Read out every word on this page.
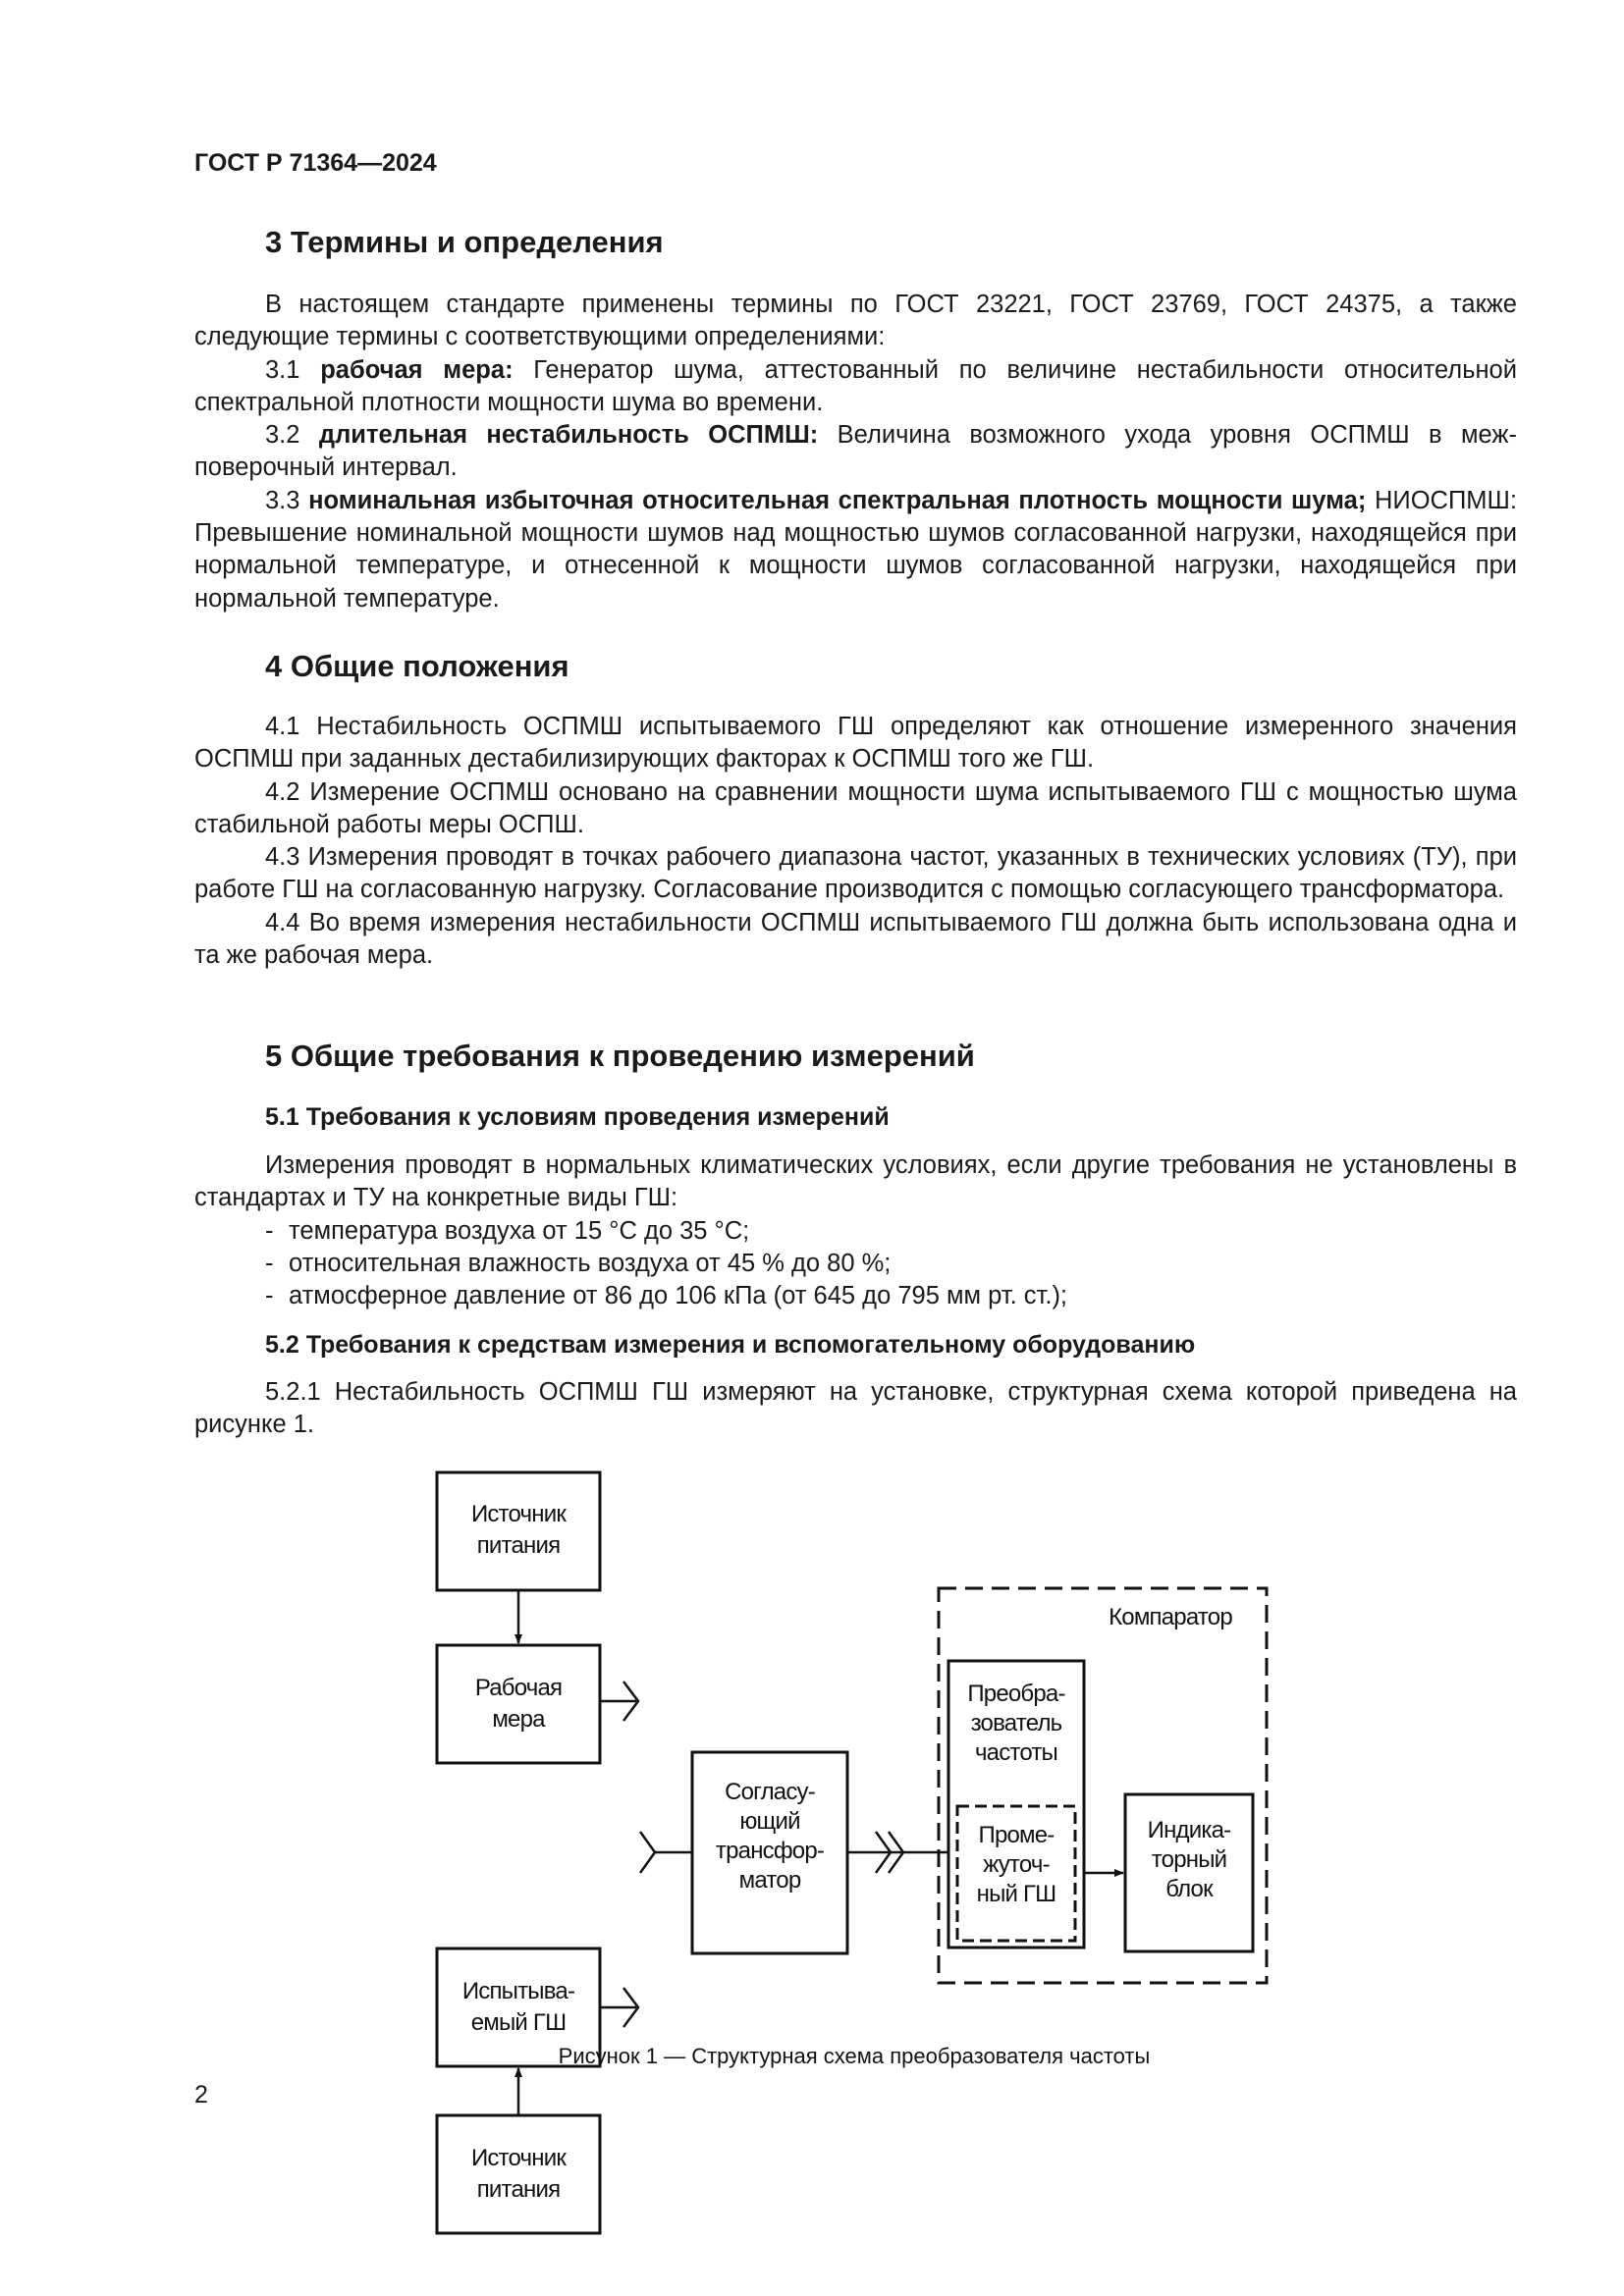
ГОСТ Р 71364—2024
3 Термины и определения

В настоящем стандарте применены термины по ГОСТ 23221, ГОСТ 23769, ГОСТ 24375, а также следующие термины с соответствующими определениями:

3.1 рабочая мера: Генератор шума, аттестованный по величине нестабильности относительной спектральной плотности мощности шума во времени.

3.2 длительная нестабильность ОСПМШ: Величина возможного ухода уровня ОСПМШ в межповерочный интервал.

3.3 номинальная избыточная относительная спектральная плотность мощности шума; НИОСПМШ: Превышение номинальной мощности шумов над мощностью шумов согласованной нагрузки, находящейся при нормальной температуре, и отнесенной к мощности шумов согласованной нагрузки, находящейся при нормальной температуре.

4 Общие положения

4.1 Нестабильность ОСПМШ испытываемого ГШ определяют как отношение измеренного значения ОСПМШ при заданных дестабилизирующих факторах к ОСПМШ того же ГШ.

4.2 Измерение ОСПМШ основано на сравнении мощности шума испытываемого ГШ с мощностью шума стабильной работы меры ОСПШ.

4.3 Измерения проводят в точках рабочего диапазона частот, указанных в технических условиях (ТУ), при работе ГШ на согласованную нагрузку. Согласование производится с помощью согласующего трансформатора.

4.4 Во время измерения нестабильности ОСПМШ испытываемого ГШ должна быть использована одна и та же рабочая мера.

5 Общие требования к проведению измерений
5.1 Требования к условиям проведения измерений

Измерения проводят в нормальных климатических условиях, если другие требования не установлены в стандартах и ТУ на конкретные виды ГШ:

- температура воздуха от 15 °С до 35 °С;
- относительная влажность воздуха от 45 % до 80 %;
- атмосферное давление от 86 до 106 кПа (от 645 до 795 мм рт. ст.);
5.2 Требования к средствам измерения и вспомогательному оборудованию

5.2.1 Нестабильность ОСПМШ ГШ измеряют на установке, структурная схема которой приведена на рисунке 1.

Источник
питания
Рабочая
мера
Испытыва-
емый ГШ
Источник
питания
Согласу-
ющий
трансфор-
матор
Компаратор
Преобра-
зователь
частоты
Проме-
жуточ-
ный ГШ
Индика-
торный
блок
Рисунок 1 — Структурная схема преобразователя частоты
2
